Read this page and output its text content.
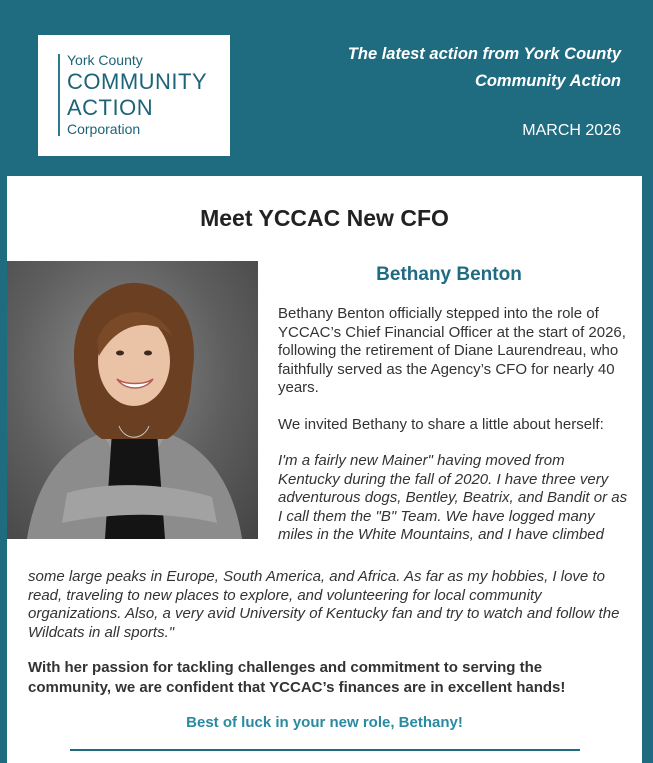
York County
COMMUNITY
ACTION
Corporation
The latest action from York County
Community Action
MARCH 2026
Meet YCCAC New CFO
Bethany Benton

Bethany Benton officially stepped into the role of YCCAC’s Chief Financial Officer at the start of 2026, following the retirement of Diane Laurendreau, who faithfully served as the Agency’s CFO for nearly 40 years.

We invited Bethany to share a little about herself:

I'm a fairly new Mainer" having moved from Kentucky during the fall of 2020. I have three very adventurous dogs, Bentley, Beatrix, and Bandit or as I call them the "B" Team. We have logged many miles in the White Mountains, and I have climbed

some large peaks in Europe, South America, and Africa. As far as my hobbies, I love to read, traveling to new places to explore, and volunteering for local community organizations. Also, a very avid University of Kentucky fan and try to watch and follow the Wildcats in all sports."

With her passion for tackling challenges and commitment to serving the community, we are confident that YCCAC’s finances are in excellent hands!

Best of luck in your new role, Bethany!
